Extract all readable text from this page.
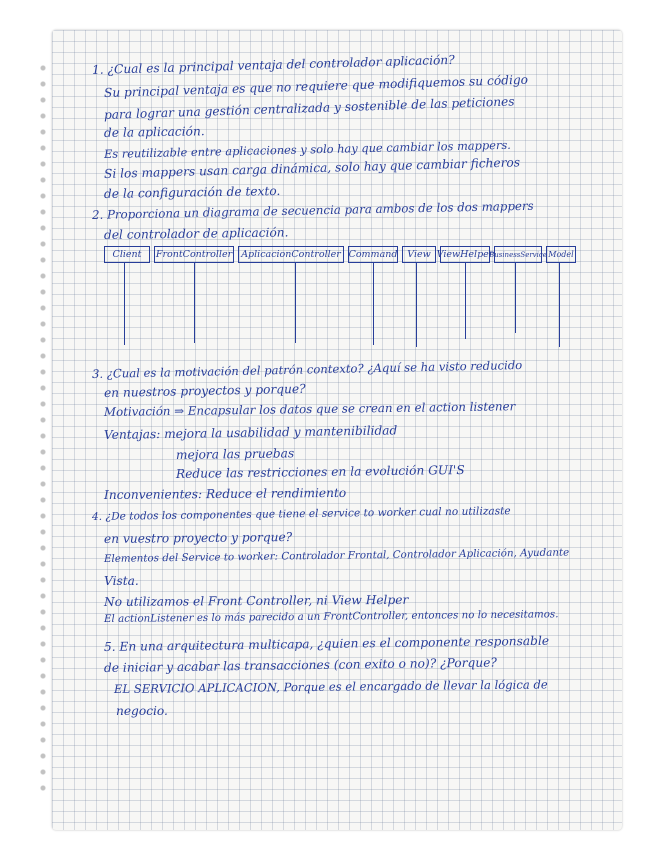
1. ¿Cual es la principal ventaja del controlador aplicación?

Su principal ventaja es que no requiere que modifiquemos su código

para lograr una gestión centralizada y sostenible de las peticiones

de la aplicación.

Es reutilizable entre aplicaciones y solo hay que cambiar los mappers.

Si los mappers usan carga dinámica, solo hay que cambiar ficheros

de la configuración de texto.

2. Proporciona un diagrama de secuencia para ambos de los dos mappers

del controlador de aplicación.

Client	FrontController AplicacionController Command	View ViewHelper
BusinessService Model

3. ¿Cual es la motivación del patrón contexto? ¿Aquí se ha visto reducido

en nuestros proyectos y porque?

Motivación ⇒ Encapsular los datos que se crean en el action listener

Ventajas: mejora la usabilidad y mantenibilidad

mejora las pruebas

Reduce las restricciones en la evolución GUI'S

Inconvenientes: Reduce el rendimiento

4. ¿De todos los componentes que tiene el service to worker cual no utilizaste

en vuestro proyecto y porque?

Elementos del Service to worker: Controlador Frontal, Controlador Aplicación, Ayudante

Vista.

No utilizamos el Front Controller, ni View Helper

El actionListener es lo más parecido a un FrontController, entonces no lo necesitamos.

5. En una arquitectura multicapa, ¿quien es el componente responsable

de iniciar y acabar las transacciones (con exito o no)? ¿Porque?

EL SERVICIO APLICACION, Porque es el encargado de llevar la lógica de

negocio.
